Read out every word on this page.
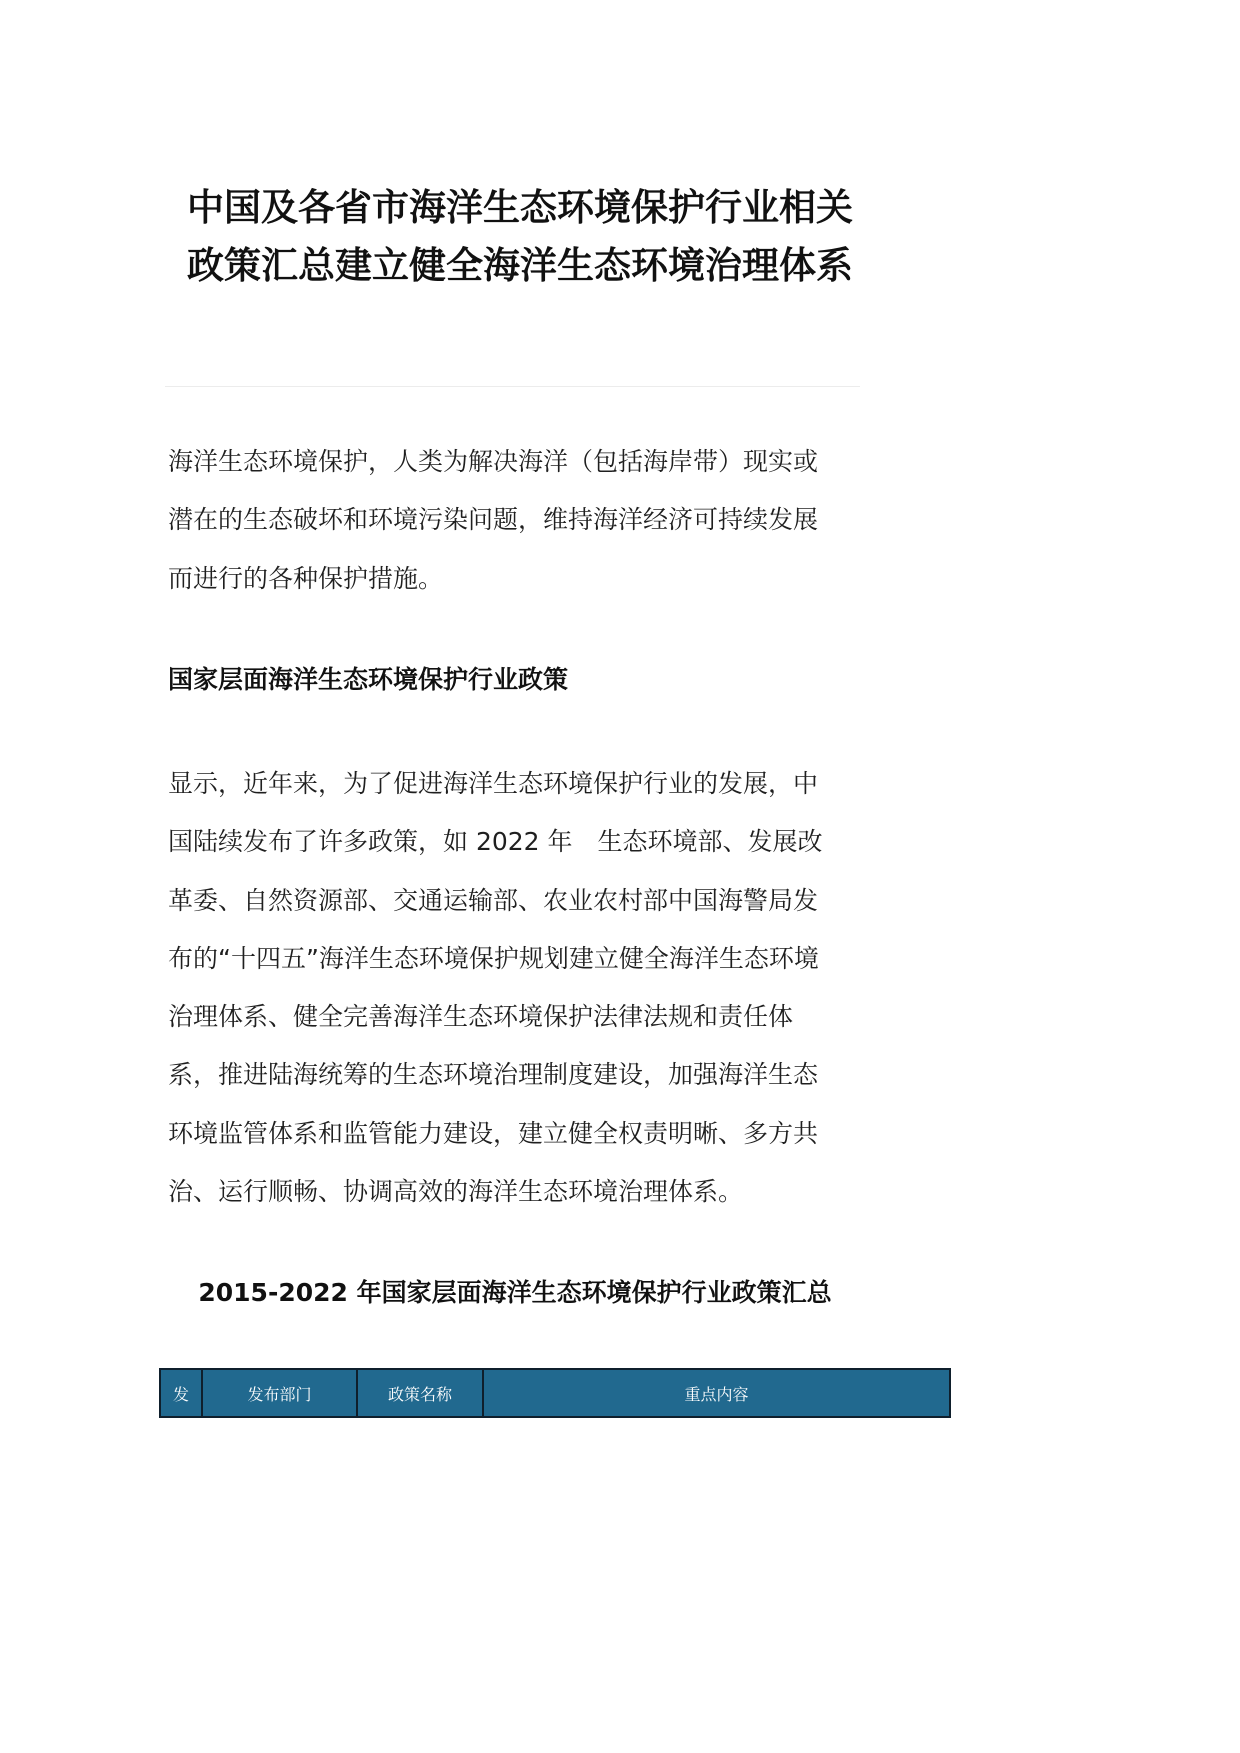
中国及各省市海洋生态环境保护行业相关
政策汇总建立健全海洋生态环境治理体系

海洋生态环境保护，人类为解决海洋（包括海岸带）现实或
潜在的生态破坏和环境污染问题，维持海洋经济可持续发展
而进行的各种保护措施。

国家层面海洋生态环境保护行业政策

显示，近年来，为了促进海洋生态环境保护行业的发展，中
国陆续发布了许多政策，如 2022 年　生态环境部、发展改
革委、自然资源部、交通运输部、农业农村部中国海警局发
布的“十四五”海洋生态环境保护规划建立健全海洋生态环境
治理体系、健全完善海洋生态环境保护法律法规和责任体
系，推进陆海统筹的生态环境治理制度建设，加强海洋生态
环境监管体系和监管能力建设，建立健全权责明晰、多方共
治、运行顺畅、协调高效的海洋生态环境治理体系。

2015-2022 年国家层面海洋生态环境保护行业政策汇总
发	发布部门	政策名称	重点内容
